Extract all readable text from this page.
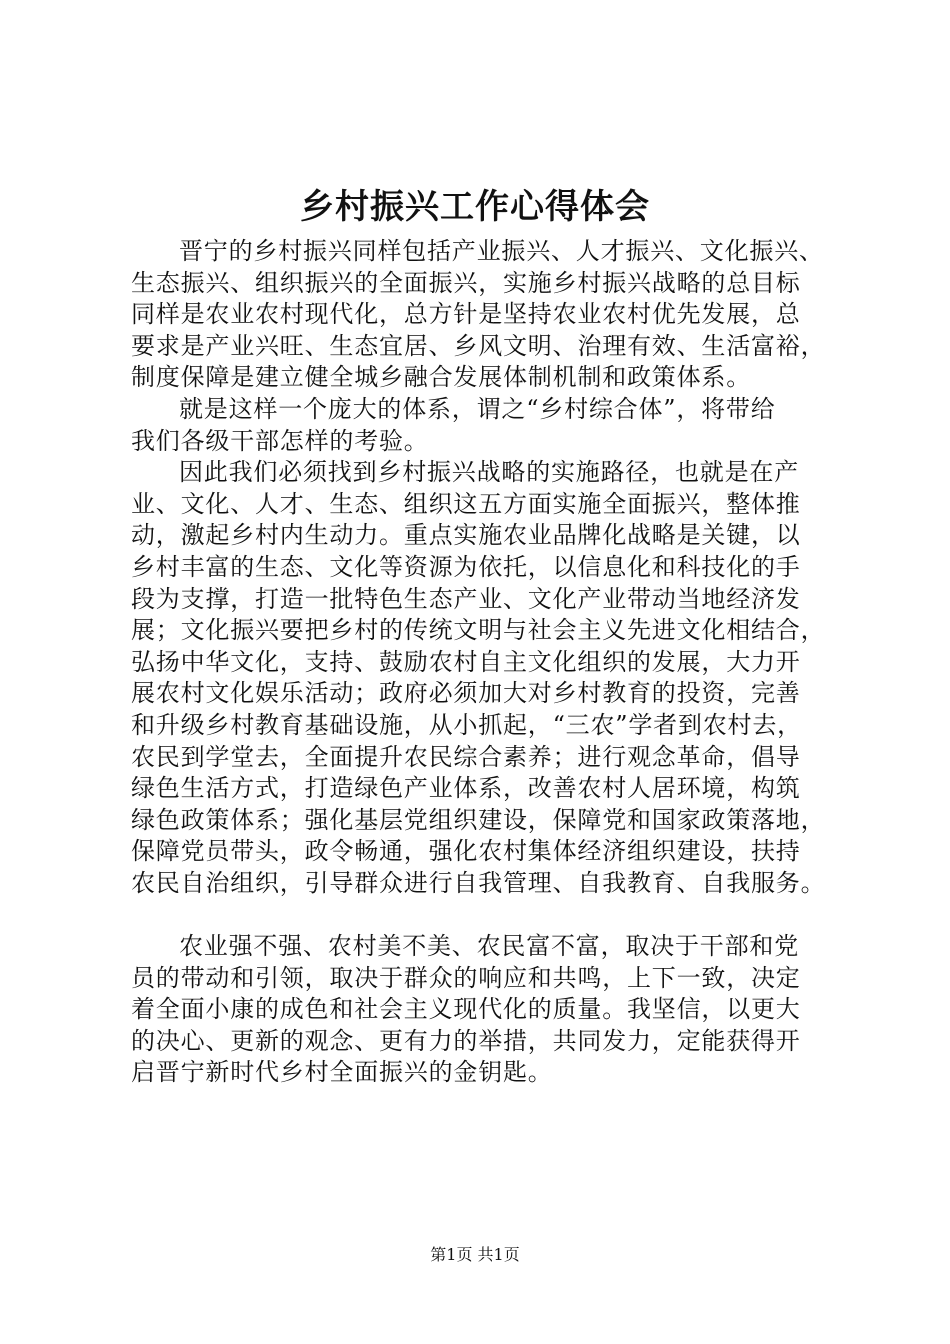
乡村振兴工作心得体会

晋宁的乡村振兴同样包括产业振兴、人才振兴、文化振兴、
生态振兴、组织振兴的全面振兴，实施乡村振兴战略的总目标
同样是农业农村现代化，总方针是坚持农业农村优先发展，总
要求是产业兴旺、生态宜居、乡风文明、治理有效、生活富裕，
制度保障是建立健全城乡融合发展体制机制和政策体系。

就是这样一个庞大的体系，谓之“乡村综合体”，将带给
我们各级干部怎样的考验。

因此我们必须找到乡村振兴战略的实施路径，也就是在产
业、文化、人才、生态、组织这五方面实施全面振兴，整体推
动，激起乡村内生动力。重点实施农业品牌化战略是关键，以
乡村丰富的生态、文化等资源为依托，以信息化和科技化的手
段为支撑，打造一批特色生态产业、文化产业带动当地经济发
展；文化振兴要把乡村的传统文明与社会主义先进文化相结合，
弘扬中华文化，支持、鼓励农村自主文化组织的发展，大力开
展农村文化娱乐活动；政府必须加大对乡村教育的投资，完善
和升级乡村教育基础设施，从小抓起，“三农”学者到农村去，
农民到学堂去，全面提升农民综合素养；进行观念革命，倡导
绿色生活方式，打造绿色产业体系，改善农村人居环境，构筑
绿色政策体系；强化基层党组织建设，保障党和国家政策落地，
保障党员带头，政令畅通，强化农村集体经济组织建设，扶持
农民自治组织，引导群众进行自我管理、自我教育、自我服务。

农业强不强、农村美不美、农民富不富，取决于干部和党
员的带动和引领，取决于群众的响应和共鸣，上下一致，决定
着全面小康的成色和社会主义现代化的质量。我坚信，以更大
的决心、更新的观念、更有力的举措，共同发力，定能获得开
启晋宁新时代乡村全面振兴的金钥匙。

第1页 共1页
